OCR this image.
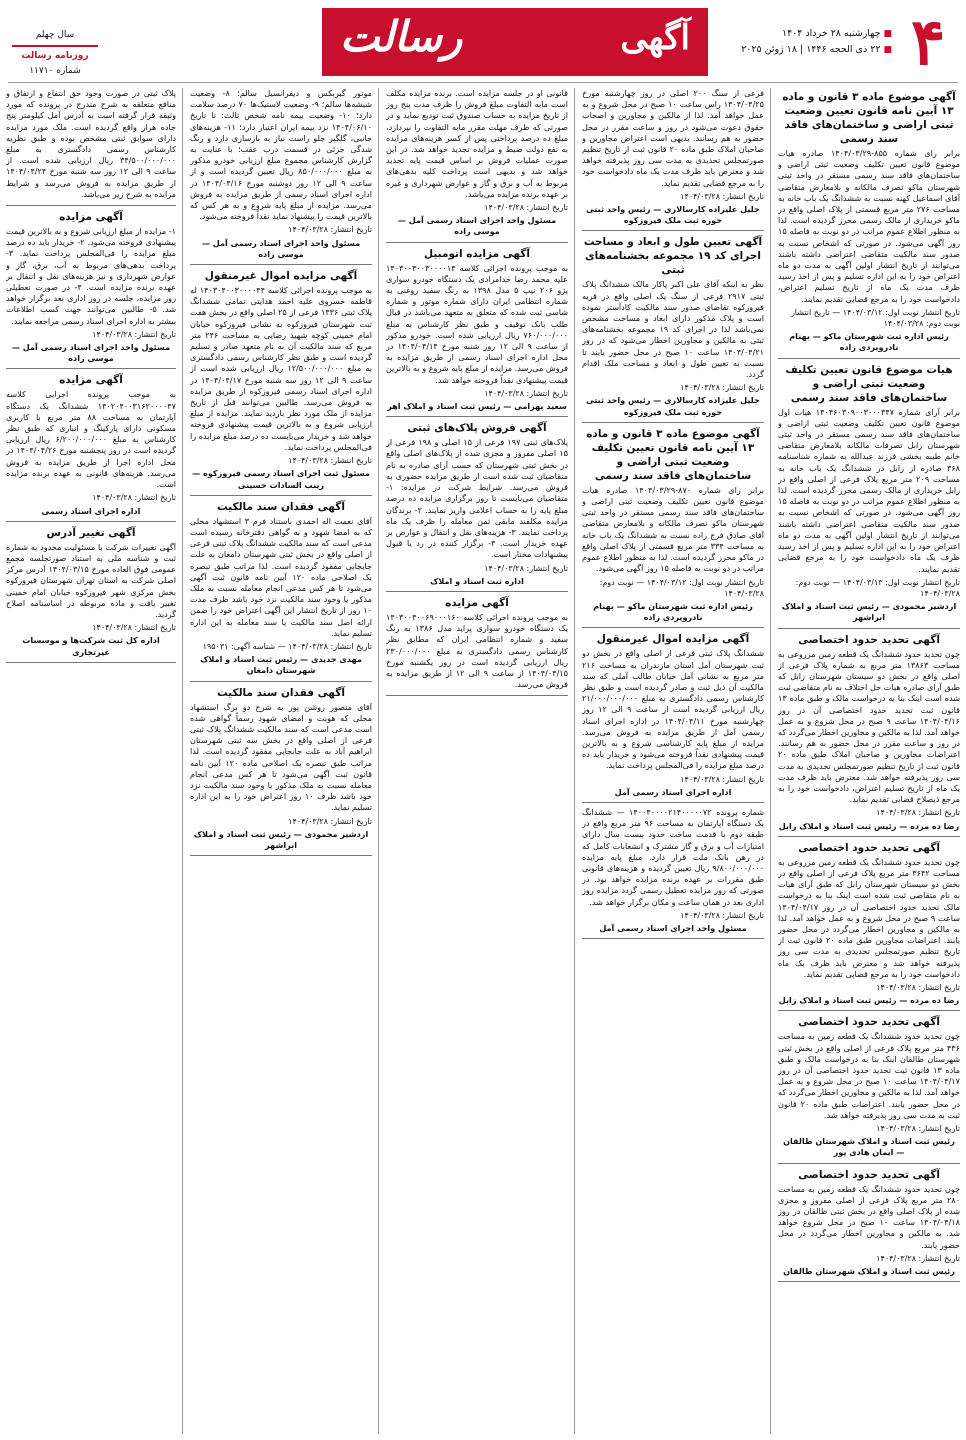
۴
■ چهارشنبه ۲۸ خرداد ۱۴۰۴
■ ۲۲ ذی الحجه ۱۴۴۶ | ۱۸ ژوئن ۲۰۲۵
آگهی
رسالت
سال چهلم
روزنامه رسالت
شماره ۱۱۷۱۰
آگهی موضوع ماده ۳ قانون و ماده ۱۳ آیین نامه قانون تعیین وضعیت ثبتی اراضی و ساختمان‌های فاقد سند رسمی

برابر رای شماره ۸۵۵-۱۴۰۴/۰۳/۲۹ صادره هیات موضوع قانون تعیین تکلیف وضعیت ثبتی اراضی و ساختمان‌های فاقد سند رسمی مستقر در واحد ثبتی شهرستان ماکو تصرف مالکانه و بلامعارض متقاضی آقای اسماعیل کهنه نسبت به ششدانگ یک باب خانه به مساحت ۲۷۶ متر مربع قسمتی از پلاک اصلی واقع در ماکو خریداری از مالک رسمی محرز گردیده است. لذا به منظور اطلاع عموم مراتب در دو نوبت به فاصله ۱۵ روز آگهی می‌شود. در صورتی که اشخاص نسبت به صدور سند مالکیت متقاضی اعتراضی داشته باشند می‌توانند از تاریخ انتشار اولین آگهی به مدت دو ماه اعتراض خود را به این اداره تسلیم و پس از اخذ رسید ظرف مدت یک ماه از تاریخ تسلیم اعتراض، دادخواست خود را به مرجع قضایی تقدیم نمایند.

تاریخ انتشار نوبت اول: ۱۴۰۴/۰۳/۱۲ — تاریخ انتشار نوبت دوم: ۱۴۰۴/۰۳/۲۸

رئیس اداره ثبت شهرستان ماکو — بهنام نادرویردی زاده

هیات موضوع قانون تعیین تکلیف وضعیت ثبتی اراضی و ساختمان‌های فاقد سند رسمی

برابر آرای شماره ۱۴۰۴۶۰۳۰۹۰۰۳۰۰۰۳۴۷ هیات اول موضوع قانون تعیین تکلیف وضعیت ثبتی اراضی و ساختمان‌های فاقد سند رسمی مستقر در واحد ثبتی شهرستان زابل تصرفات مالکانه بلامعارض متقاضی خانم طیبه بخشی فرزند عبدالله به شماره شناسنامه ۳۶۸ صادره از زابل در ششدانگ یک باب خانه به مساحت ۲۰۹ متر مربع پلاک فرعی از اصلی واقع در زابل خریداری از مالک رسمی محرز گردیده است. لذا به منظور اطلاع عموم مراتب در دو نوبت به فاصله ۱۵ روز آگهی می‌شود. در صورتی که اشخاص نسبت به صدور سند مالکیت متقاضی اعتراضی داشته باشند می‌توانند از تاریخ انتشار اولین آگهی به مدت دو ماه اعتراض خود را به این اداره تسلیم و پس از اخذ رسید ظرف یک ماه دادخواست خود را به مرجع قضایی تقدیم نمایند.

تاریخ انتشار نوبت اول: ۱۴۰۴/۰۳/۱۳ — نوبت دوم: ۱۴۰۴/۰۳/۲۸

اردشیر محمودی — رئیس ثبت اسناد و املاک ابراشهر

آگهی تحدید حدود اختصاصی

چون تحدید حدود ششدانگ یک قطعه زمین مزروعی به مساحت ۱۳۸۶۳ متر مربع به شماره پلاک فرعی از اصلی واقع در بخش دو سیستان شهرستان زابل که طبق آرای صادره هیات حل اختلاف به نام متقاضی ثبت شده است اینک بنا به درخواست مالک و طبق ماده ۱۳ قانون ثبت تحدید حدود اختصاصی آن در روز ۱۴۰۴/۰۴/۱۶ ساعت ۹ صبح در محل شروع و به عمل خواهد آمد. لذا به مالکین و مجاورین اخطار می‌گردد که در روز و ساعت مقرر در محل حضور به هم رسانند. اعتراضات مجاورین و صاحبان املاک طبق ماده ۲۰ قانون ثبت از تاریخ تنظیم صورتمجلس تحدیدی به مدت سی روز پذیرفته خواهد شد. معترض باید ظرف مدت یک ماه از تاریخ تسلیم اعتراض، دادخواست خود را به مرجع ذیصلاح قضایی تقدیم نماید.

تاریخ انتشار: ۱۴۰۴/۰۳/۲۸

رضا ده مرده — رئیس ثبت اسناد و املاک زابل

آگهی تحدید حدود اختصاصی

چون تحدید حدود ششدانگ یک قطعه زمین مزروعی به مساحت ۳۶۴۲ متر مربع پلاک فرعی از اصلی واقع در بخش دو سیستان شهرستان زابل که طبق آرای هیات به نام متقاضی ثبت شده است اینک بنا به درخواست مالک تحدید حدود اختصاصی آن در روز ۱۴۰۴/۰۴/۱۷ ساعت ۹ صبح در محل شروع و به عمل خواهد آمد. لذا به مالکین و مجاورین اخطار می‌گردد در محل حضور یابند. اعتراضات مجاورین طبق ماده ۲۰ قانون ثبت از تاریخ تنظیم صورتمجلس تحدیدی به مدت سی روز پذیرفته خواهد شد و معترض باید ظرف یک ماه دادخواست خود را به مرجع قضایی تقدیم نماید.

تاریخ انتشار: ۱۴۰۴/۰۳/۲۸

رضا ده مرده — رئیس ثبت اسناد و املاک زابل

آگهی تحدید حدود اختصاصی

چون تحدید حدود ششدانگ یک قطعه زمین به مساحت ۴۳۶ متر مربع پلاک فرعی از اصلی واقع در بخش ثبتی شهرستان طالقان اینک بنا به درخواست مالک و طبق ماده ۱۳ قانون ثبت تحدید حدود اختصاصی آن در روز ۱۴۰۴/۰۴/۱۷ ساعت ۱۰ صبح در محل شروع و به عمل خواهد آمد. لذا به مالکین و مجاورین اخطار می‌گردد که در محل حضور یابند. اعتراضات طبق ماده ۲۰ قانون ثبت به مدت سی روز پذیرفته خواهد شد.

تاریخ انتشار: ۱۴۰۴/۰۳/۲۸

رئیس ثبت اسناد و املاک شهرستان طالقان — ایمان هادی پور

آگهی تحدید حدود اختصاصی

چون تحدید حدود ششدانگ یک قطعه زمین به مساحت ۲۸۰ متر مربع پلاک فرعی از اصلی مفروز و مجزی شده از پلاک اصلی واقع در بخش ثبتی طالقان در روز ۱۴۰۴/۰۴/۱۸ ساعت ۱۰ صبح در محل شروع خواهد شد. به مالکین و مجاورین اخطار می‌گردد در محل حضور یابند.

تاریخ انتشار: ۱۴۰۴/۰۳/۲۸

رئیس ثبت اسناد و املاک شهرستان طالقان

فرعی از سنگ ۲۰۰ اصلی در روز چهارشنبه مورخ ۱۴۰۴/۰۴/۲۵ راس ساعت ۱۰ صبح در محل شروع و به عمل خواهد آمد. لذا از مالکین و مجاورین و اصحاب حقوق دعوت می‌شود در روز و ساعت مقرر در محل حضور به هم رسانند. بدیهی است اعتراض مجاورین و صاحبان املاک طبق ماده ۲۰ قانون ثبت از تاریخ تنظیم صورتمجلس تحدیدی به مدت سی روز پذیرفته خواهد شد و معترض باید ظرف مدت یک ماه دادخواست خود را به مرجع قضایی تقدیم نماید.

تاریخ انتشار: ۱۴۰۴/۰۳/۲۸

جلیل علیزاده کارسالاری — رئیس واحد ثبتی حوزه ثبت ملک فیروزکوه

آگهی تعیین طول و ابعاد و مساحت اجرای کد ۱۹ مجموعه بخشنامه‌های ثبتی

نظر به اینکه آقای علی اکبر پاکار مالک ششدانگ پلاک ثبتی ۲۹۱۷ فرعی از سنگ یک اصلی واقع در قریه فیروزکوه تقاضای صدور سند مالکیت کادآستر نموده است و پلاک مذکور دارای ابعاد و مساحت مشخص نمی‌باشد لذا در اجرای کد ۱۹ مجموعه بخشنامه‌های ثبتی به مالکین و مجاورین اخطار می‌شود که در روز ۱۴۰۴/۰۴/۲۱ ساعت ۱۰ صبح در محل حضور یابند تا نسبت به تعیین طول و ابعاد و مساحت ملک اقدام گردد.

تاریخ انتشار: ۱۴۰۴/۰۳/۲۸

جلیل علیزاده کارسالاری — رئیس واحد ثبتی حوزه ثبت ملک فیروزکوه

آگهی موضوع ماده ۳ قانون و ماده ۱۳ آیین نامه قانون تعیین تکلیف وضعیت ثبتی اراضی و ساختمان‌های فاقد سند رسمی

برابر رای شماره ۸۷۰-۱۴۰۴/۰۳/۲۹ صادره هیات موضوع قانون تعیین تکلیف وضعیت ثبتی اراضی و ساختمان‌های فاقد سند رسمی مستقر در واحد ثبتی شهرستان ماکو تصرف مالکانه و بلامعارض متقاضی آقای صادق فرج زاده نسبت به ششدانگ یک باب خانه به مساحت ۳۳۴ متر مربع قسمتی از پلاک اصلی واقع در ماکو محرز گردیده است. لذا به منظور اطلاع عموم مراتب در دو نوبت به فاصله ۱۵ روز آگهی می‌شود.

تاریخ انتشار نوبت اول: ۱۴۰۴/۰۳/۱۲ — نوبت دوم: ۱۴۰۴/۰۳/۲۸

رئیس اداره ثبت شهرستان ماکو — بهنام نادرویردی زاده

آگهی مزایده اموال غیرمنقول

ششدانگ پلاک ثبتی فرعی از اصلی واقع در بخش دو ثبت شهرستان آمل استان مازندران به مساحت ۲۱۶ متر مربع به نشانی آمل خیابان طالب آملی که سند مالکیت آن ذیل ثبت و صادر گردیده است و طبق نظر کارشناس رسمی دادگستری به مبلغ ۲۱/۰۰۰/۰۰۰/۰۰۰ ریال ارزیابی گردیده است از ساعت ۹ الی ۱۲ روز چهارشنبه مورخ ۱۴۰۴/۰۴/۱۱ در اداره اجرای اسناد رسمی آمل از طریق مزایده به فروش می‌رسد. مزایده از مبلغ پایه کارشناسی شروع و به بالاترین قیمت پیشنهادی نقداً فروخته می‌شود و خریدار باید ده درصد مبلغ مزایده را فی‌المجلس پرداخت نماید.

تاریخ انتشار: ۱۴۰۴/۰۳/۲۸

اداره اجرای اسناد رسمی آمل

شماره پرونده ۱۴۰۰۴۰۰۰۰۲۱۴۰۰۰۰۰۷۲ — ششدانگ یک دستگاه آپارتمان به مساحت ۹۶ متر مربع واقع در طبقه دوم با قدمت ساخت حدود بیست سال دارای امتیازات آب و برق و گاز مشترک و انشعابات کامل که در رهن بانک ملت قرار دارد. مبلغ پایه مزایده ۹/۸۰۰/۰۰۰/۰۰۰ ریال تعیین گردیده و هزینه‌های قانونی طبق مقررات بر عهده برنده مزایده خواهد بود. در صورتی که روز مزایده تعطیل رسمی گردد مزایده روز اداری بعد در همان ساعت و مکان برگزار خواهد شد.

تاریخ انتشار: ۱۴۰۴/۰۳/۲۸

مسئول واحد اجرای اسناد رسمی آمل

قانونی او در جلسه مزایده است. برنده مزایده مکلف است مابه التفاوت مبلغ فروش را ظرف مدت پنج روز از تاریخ مزایده به حساب صندوق ثبت تودیع نماید و در صورتی که ظرف مهلت مقرر مابه التفاوت را نپردازد، مبلغ ده درصد پرداختی پس از کسر هزینه‌های مزایده به نفع دولت ضبط و مزایده تجدید خواهد شد. در این صورت عملیات فروش بر اساس قیمت پایه تجدید خواهد شد و بدیهی است پرداخت کلیه بدهی‌های مربوط به آب و برق و گاز و عوارض شهرداری و غیره بر عهده برنده مزایده می‌باشد.

تاریخ انتشار: ۱۴۰۴/۰۳/۲۸

مسئول واحد اجرای اسناد رسمی آمل — موسی زاده

آگهی مزایده اتومبیل

به موجب پرونده اجرائی کلاسه ۱۴۰۳۰۰۴۰۰۳۰۰۰۰۱۴ علیه محمد رضا خدامرادی یک دستگاه خودرو سواری پژو ۲۰۶ تیپ ۵ مدل ۱۳۹۸ به رنگ سفید روغنی به شماره انتظامی ایران دارای شماره موتور و شماره شاسی ثبت شده که متعلق به متعهد می‌باشد در قبال طلب بانک توقیف و طبق نظر کارشناس به مبلغ ۷۶۰/۰۰۰/۰۰۰ ریال ارزیابی شده است. خودرو مذکور از ساعت ۹ الی ۱۲ روز شنبه مورخ ۱۴۰۴/۰۴/۱۴ در محل اداره اجرای اسناد رسمی از طریق مزایده به فروش می‌رسد. مزایده از مبلغ پایه شروع و به بالاترین قیمت پیشنهادی نقداً فروخته خواهد شد.

تاریخ انتشار: ۱۴۰۴/۰۳/۲۸

سعید بهرامی — رئیس ثبت اسناد و املاک اهر

آگهی فروش پلاک‌های ثبتی

پلاک‌های ثبتی ۱۹۷ فرعی از ۱۵ اصلی و ۱۹۸ فرعی از ۱۵ اصلی مفروز و مجزی شده از پلاک‌های اصلی واقع در بخش ثبتی شهرستان که حسب آرای صادره به نام متقاضیان ثبت شده است از طریق مزایده حضوری به فروش می‌رسد. شرایط شرکت در مزایده: ۱- متقاضیان می‌بایست تا روز برگزاری مزایده ده درصد مبلغ پایه را به حساب اعلامی واریز نمایند. ۲- برندگان مزایده مکلفند مابقی ثمن معامله را ظرف یک ماه پرداخت نمایند. ۳- هزینه‌های نقل و انتقال و عوارض بر عهده خریدار است. ۴- برگزار کننده در رد یا قبول پیشنهادات مختار است.

تاریخ انتشار: ۱۴۰۴/۰۳/۲۸

اداره ثبت اسناد و املاک

آگهی مزایده

به موجب پرونده اجرائی کلاسه ۱۴۰۳۰۰۴۰۰۶۹۰۰۰۱۶۰ یک دستگاه خودرو سواری پراید مدل ۱۳۸۶ به رنگ سفید و شماره انتظامی ایران که مطابق نظر کارشناس رسمی دادگستری به مبلغ ۲۳۰/۰۰۰/۰۰۰ ریال ارزیابی گردیده است در روز یکشنبه مورخ ۱۴۰۴/۰۴/۱۵ از ساعت ۹ الی ۱۲ از طریق مزایده به فروش می‌رسد.

موتور گیربکس و دیفرانسیل سالم؛ ۸- وضعیت شیشه‌ها سالم؛ ۹- وضعیت لاستیک‌ها ۷۰ درصد سلامت دارد؛ ۱۰- وضعیت بیمه نامه شخص ثالث: تا تاریخ ۱۴۰۴/۰۶/۱۰ نزد بیمه ایران اعتبار دارد؛ ۱۱- هزینه‌های جانبی، گلگیر جلو راست نیاز به بازسازی دارد و رنگ شدگی جزئی در قسمت درب عقب؛ با عنایت به گزارش کارشناس مجموع مبلغ ارزیابی خودرو مذکور به مبلغ ۸۵۰/۰۰۰/۰۰۰ ریال تعیین گردیده است و از ساعت ۹ الی ۱۲ روز دوشنبه مورخ ۱۴۰۴/۰۴/۱۶ در اداره اجرای اسناد رسمی از طریق مزایده به فروش می‌رسد. مزایده از مبلغ پایه شروع و به هر کس که بالاترین قیمت را پیشنهاد نماید نقداً فروخته می‌شود.

تاریخ انتشار: ۱۴۰۴/۰۳/۲۸

مسئول واحد اجرای اسناد رسمی آمل — موسی زاده

آگهی مزایده اموال غیرمنقول

به موجب پرونده اجرائی کلاسه ۱۴۰۳۰۴۰۰۳۰۰۰۰۴۴ له قاطمه خسروی علیه احمد هدایتی تمامی ششدانگ پلاک ثبتی ۱۴۳۶ فرعی از ۲۵ اصلی واقع در بخش هفت ثبت شهرستان فیروزکوه به نشانی فیروزکوه خیابان امام خمینی کوچه شهید رضایی به مساحت ۲۴۶ متر مربع که سند مالکیت آن به نام متعهد صادر و تسلیم گردیده است و طبق نظر کارشناس رسمی دادگستری به مبلغ ۱۲/۵۰۰/۰۰۰/۰۰۰ ریال ارزیابی شده است از ساعت ۹ الی ۱۲ روز سه شنبه مورخ ۱۴۰۴/۰۴/۱۷ در اداره اجرای اسناد رسمی فیروزکوه از طریق مزایده به فروش می‌رسد. طالبین می‌توانند قبل از تاریخ مزایده از ملک مورد نظر بازدید نمایند. مزایده از مبلغ ارزیابی شروع و به بالاترین قیمت پیشنهادی فروخته خواهد شد و خریدار می‌بایست ده درصد مبلغ مزایده را فی‌المجلس پرداخت نماید.

تاریخ انتشار: ۱۴۰۴/۰۳/۲۸

مسئول ثبت اجرای اسناد رسمی فیروزکوه — زینب السادات حسینی

آگهی فقدان سند مالکیت

آقای نعمت اله احمدی باستناد فرم ۳ استشهاد محلی که به امضا شهود و به گواهی دفترخانه رسیده است مدعی است که سند مالکیت ششدانگ پلاک ثبتی فرعی از اصلی واقع در بخش ثبتی شهرستان دامغان به علت جابجایی مفقود گردیده است. لذا مراتب طبق تبصره یک اصلاحی ماده ۱۲۰ آیین نامه قانون ثبت آگهی می‌شود تا هر کس مدعی انجام معامله نسبت به ملک مذکور یا وجود سند مالکیت نزد خود باشد ظرف مدت ۱۰ روز از تاریخ انتشار این آگهی اعتراض خود را ضمن ارائه اصل سند مالکیت یا سند معامله به این اداره تسلیم نماید.

تاریخ انتشار: ۱۴۰۴/۰۳/۲۸ — شناسه آگهی: ۱۹۵۰۳۱

مهدی جدیدی — رئیس ثبت اسناد و املاک شهرستان دامغان

آگهی فقدان سند مالکیت

آقای منصور روشن پور به شرح دو برگ استشهاد محلی که هویت و امضای شهود رسماً گواهی شده است مدعی است که سند مالکیت ششدانگ پلاک ثبتی فرعی از اصلی واقع در بخش سه ثبتی شهرستان ابراهیم آباد به علت جابجایی مفقود گردیده است. لذا مراتب طبق تبصره یک اصلاحی ماده ۱۲۰ آیین نامه قانون ثبت آگهی می‌شود تا هر کس مدعی انجام معامله نسبت به ملک مذکور یا وجود سند مالکیت نزد خود باشد ظرف ۱۰ روز اعتراض خود را به این اداره تسلیم نماید.

تاریخ انتشار: ۱۴۰۴/۰۳/۲۸

اردشیر محمودی — رئیس ثبت اسناد و املاک ابراشهر

پلاک ثبتی در صورت وجود حق انتفاع و ارتفاق و منافع متعلقه به شرح مندرج در پرونده که مورد وثیقه قرار گرفته است به آدرس آمل کیلومتر پنج جاده هراز واقع گردیده است. ملک مورد مزایده دارای سوابق ثبتی مشخص بوده و طبق نظریه کارشناس رسمی دادگستری به مبلغ ۳۴/۵۰۰/۰۰۰/۰۰۰ ریال ارزیابی شده است. از ساعت ۹ الی ۱۲ روز سه شنبه مورخ ۱۴۰۴/۰۴/۲۴ از طریق مزایده به فروش می‌رسد و شرایط مزایده به شرح زیر می‌باشد.

آگهی مزایده

۱- مزایده از مبلغ ارزیابی شروع و به بالاترین قیمت پیشنهادی فروخته می‌شود. ۲- خریدار باید ده درصد مبلغ مزایده را فی‌المجلس پرداخت نماید. ۳- پرداخت بدهی‌های مربوط به آب، برق، گاز و عوارض شهرداری و نیز هزینه‌های نقل و انتقال بر عهده برنده مزایده است. ۴- در صورت تعطیلی روز مزایده، جلسه در روز اداری بعد برگزار خواهد شد. ۵- طالبین می‌توانند جهت کسب اطلاعات بیشتر به اداره اجرای اسناد رسمی مراجعه نمایند.

تاریخ انتشار: ۱۴۰۴/۰۳/۲۸

مسئول واحد اجرای اسناد رسمی آمل — موسی زاده

آگهی مزایده

به موجب پرونده اجرایی کلاسه ۱۴۰۲۰۴۰۰۳۱۶۲۰۰۰۰۴۷ ششدانگ یک دستگاه آپارتمان به مساحت ۸۸ متر مربع با کاربری مسکونی دارای پارکینگ و انباری که طبق نظر کارشناس به مبلغ ۶/۲۰۰/۰۰۰/۰۰۰ ریال ارزیابی گردیده است در روز پنجشنبه مورخ ۱۴۰۴/۰۴/۲۶ در محل اداره اجرا از طریق مزایده به فروش می‌رسد. هزینه‌های قانونی به عهده برنده مزایده است.

تاریخ انتشار: ۱۴۰۴/۰۳/۲۸

اداره اجرای اسناد رسمی

آگهی تغییر آدرس

آگهی تغییرات شرکت با مسئولیت محدود به شماره ثبت و شناسه ملی به استناد صورتجلسه مجمع عمومی فوق العاده مورخ ۱۴۰۴/۰۳/۱۵ آدرس مرکز اصلی شرکت به استان تهران شهرستان فیروزکوه بخش مرکزی شهر فیروزکوه خیابان امام خمینی تغییر یافت و ماده مربوطه در اساسنامه اصلاح گردید.

تاریخ انتشار: ۱۴۰۴/۰۳/۲۸

اداره کل ثبت شرکت‌ها و موسسات غیرتجاری
